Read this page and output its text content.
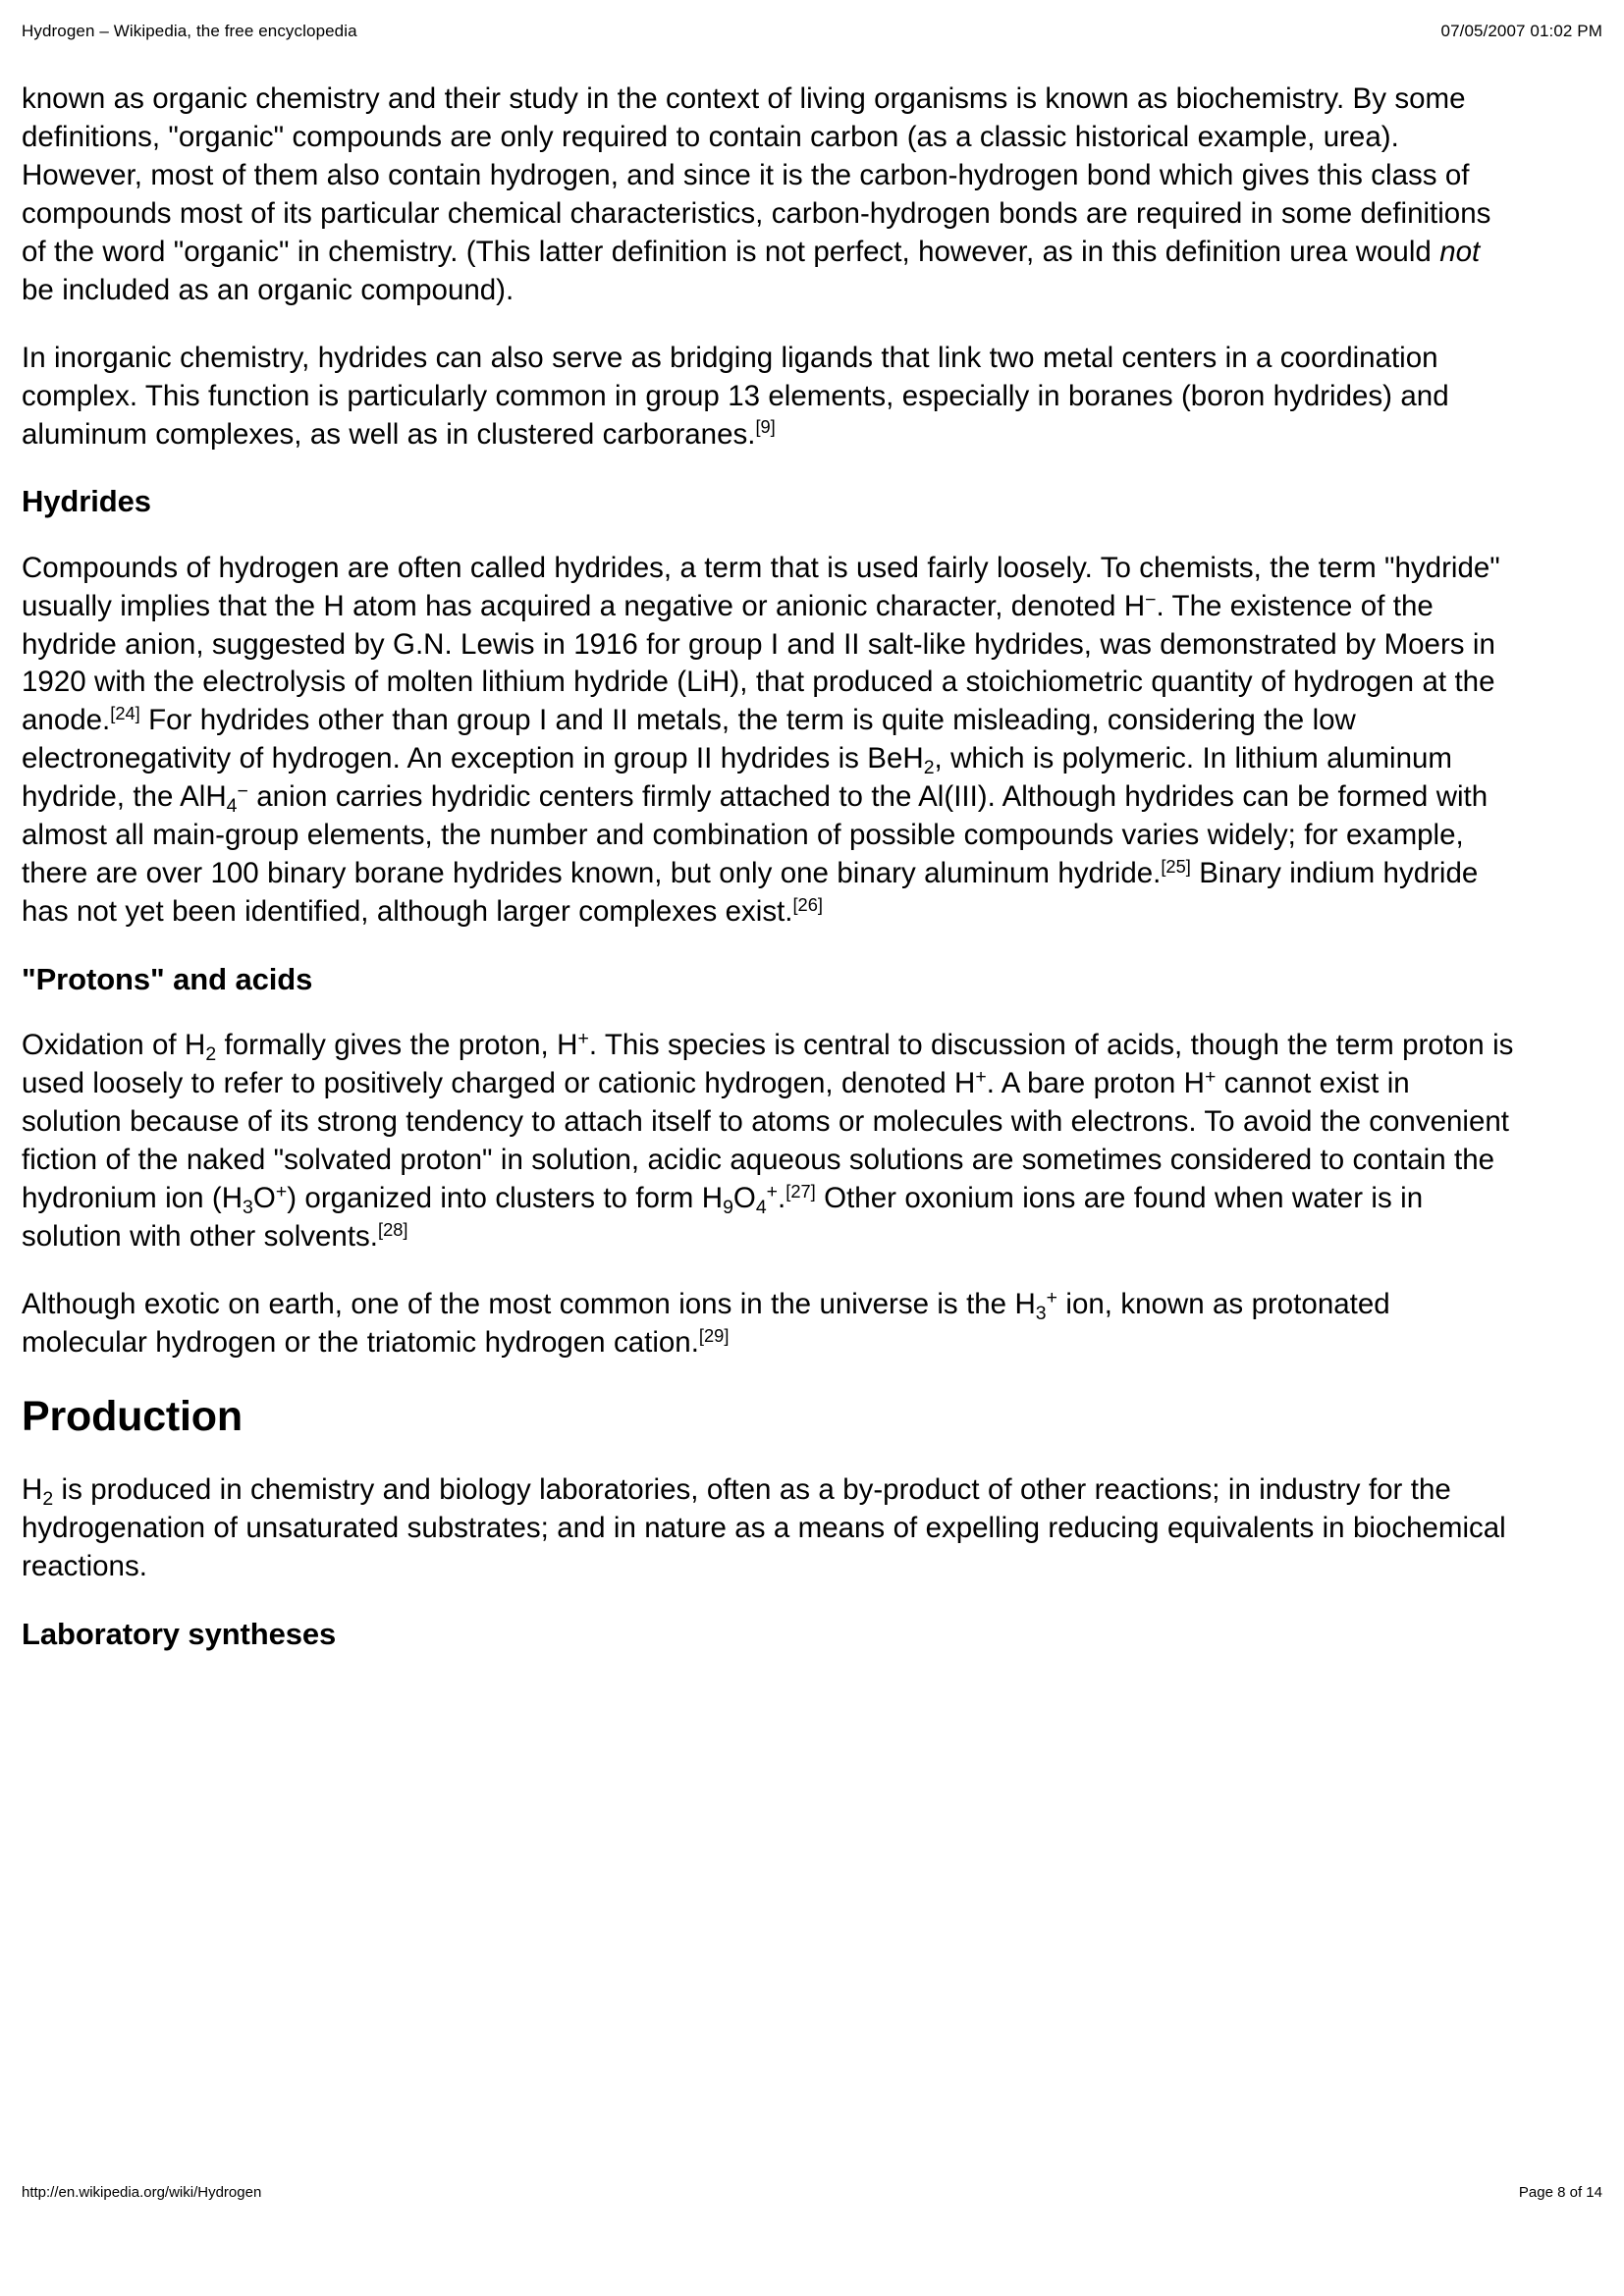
Hydrogen – Wikipedia, the free encyclopedia	07/05/2007 01:02 PM

known as organic chemistry and their study in the context of living organisms is known as biochemistry. By some definitions, "organic" compounds are only required to contain carbon (as a classic historical example, urea). However, most of them also contain hydrogen, and since it is the carbon-hydrogen bond which gives this class of compounds most of its particular chemical characteristics, carbon-hydrogen bonds are required in some definitions of the word "organic" in chemistry. (This latter definition is not perfect, however, as in this definition urea would not be included as an organic compound).

In inorganic chemistry, hydrides can also serve as bridging ligands that link two metal centers in a coordination complex. This function is particularly common in group 13 elements, especially in boranes (boron hydrides) and aluminum complexes, as well as in clustered carboranes.[9]

Hydrides

Compounds of hydrogen are often called hydrides, a term that is used fairly loosely. To chemists, the term "hydride" usually implies that the H atom has acquired a negative or anionic character, denoted H−. The existence of the hydride anion, suggested by G.N. Lewis in 1916 for group I and II salt-like hydrides, was demonstrated by Moers in 1920 with the electrolysis of molten lithium hydride (LiH), that produced a stoichiometric quantity of hydrogen at the anode.[24] For hydrides other than group I and II metals, the term is quite misleading, considering the low electronegativity of hydrogen. An exception in group II hydrides is BeH$_2$, which is polymeric. In lithium aluminum hydride, the AlH$_4$− anion carries hydridic centers firmly attached to the Al(III). Although hydrides can be formed with almost all main-group elements, the number and combination of possible compounds varies widely; for example, there are over 100 binary borane hydrides known, but only one binary aluminum hydride.[25] Binary indium hydride has not yet been identified, although larger complexes exist.[26]

"Protons" and acids

Oxidation of $H_2$ formally gives the proton, H+. This species is central to discussion of acids, though the term proton is used loosely to refer to positively charged or cationic hydrogen, denoted H+. A bare proton H+ cannot exist in solution because of its strong tendency to attach itself to atoms or molecules with electrons. To avoid the convenient fiction of the naked "solvated proton" in solution, acidic aqueous solutions are sometimes considered to contain the hydronium ion $(H_3O^+)$ organized into clusters to form $H_9O_4^+.[27]$ Other oxonium ions are found when water is in solution with other solvents.[28]

Although exotic on earth, one of the most common ions in the universe is the $H_3^+$ ion, known as protonated molecular hydrogen or the triatomic hydrogen cation.[29]

Production

$H_2$ is produced in chemistry and biology laboratories, often as a by-product of other reactions; in industry for the hydrogenation of unsaturated substrates; and in nature as a means of expelling reducing equivalents in biochemical reactions.

Laboratory syntheses
http://en.wikipedia.org/wiki/Hydrogen	Page 8 of 14
